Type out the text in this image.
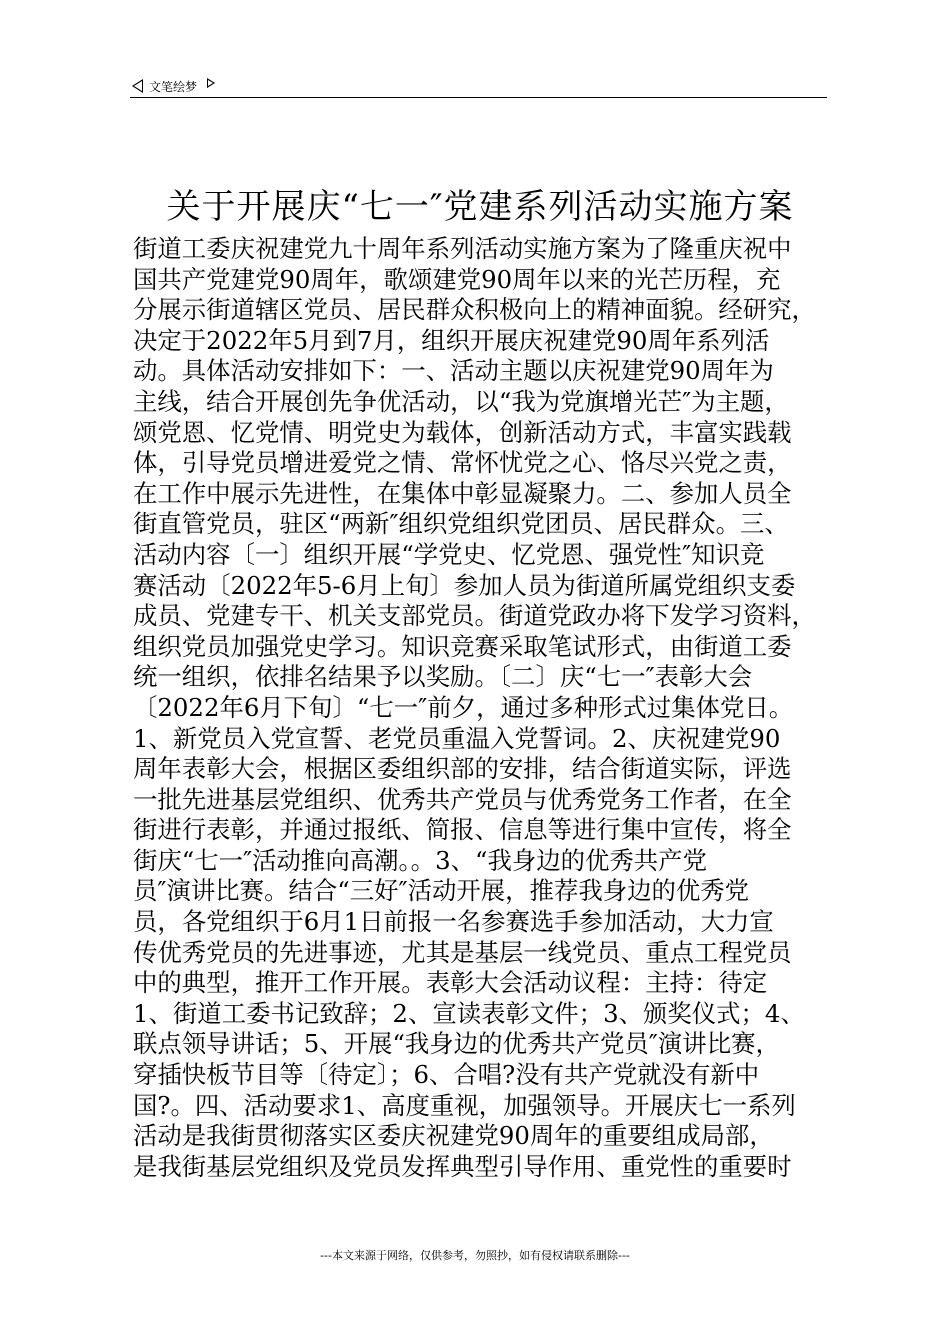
文笔绘梦
关于开展庆“七一″党建系列活动实施方案
街道工委庆祝建党九十周年系列活动实施方案为了隆重庆祝中
国共产党建党90周年，歌颂建党90周年以来的光芒历程，充
分展示街道辖区党员、居民群众积极向上的精神面貌。经研究，
决定于2022年5月到7月，组织开展庆祝建党90周年系列活
动。具体活动安排如下：一、活动主题以庆祝建党90周年为
主线，结合开展创先争优活动，以“我为党旗增光芒″为主题，
颂党恩、忆党情、明党史为载体，创新活动方式，丰富实践载
体，引导党员增进爱党之情、常怀忧党之心、恪尽兴党之责，
在工作中展示先进性，在集体中彰显凝聚力。二、参加人员全
街直管党员，驻区“两新″组织党组织党团员、居民群众。三、
活动内容〔一〕组织开展“学党史、忆党恩、强党性″知识竞
赛活动〔2022年5-6月上旬〕参加人员为街道所属党组织支委
成员、党建专干、机关支部党员。街道党政办将下发学习资料，
组织党员加强党史学习。知识竞赛采取笔试形式，由街道工委
统一组织，依排名结果予以奖励。〔二〕庆“七一″表彰大会
〔2022年6月下旬〕“七一″前夕，通过多种形式过集体党日。
1、新党员入党宣誓、老党员重温入党誓词。2、庆祝建党90
周年表彰大会，根据区委组织部的安排，结合街道实际，评选
一批先进基层党组织、优秀共产党员与优秀党务工作者，在全
街进行表彰，并通过报纸、简报、信息等进行集中宣传，将全
街庆“七一″活动推向高潮。。3、“我身边的优秀共产党
员″演讲比赛。结合“三好″活动开展，推荐我身边的优秀党
员，各党组织于6月1日前报一名参赛选手参加活动，大力宣
传优秀党员的先进事迹，尤其是基层一线党员、重点工程党员
中的典型，推开工作开展。表彰大会活动议程：主持：待定
1、街道工委书记致辞；2、宣读表彰文件；3、颁奖仪式；4、
联点领导讲话；5、开展“我身边的优秀共产党员″演讲比赛，
穿插快板节目等〔待定〕；6、合唱?没有共产党就没有新中
国?。四、活动要求1、高度重视，加强领导。开展庆七一系列
活动是我街贯彻落实区委庆祝建党90周年的重要组成局部，
是我街基层党组织及党员发挥典型引导作用、重党性的重要时
---本文来源于网络，仅供参考，勿照抄，如有侵权请联系删除---
